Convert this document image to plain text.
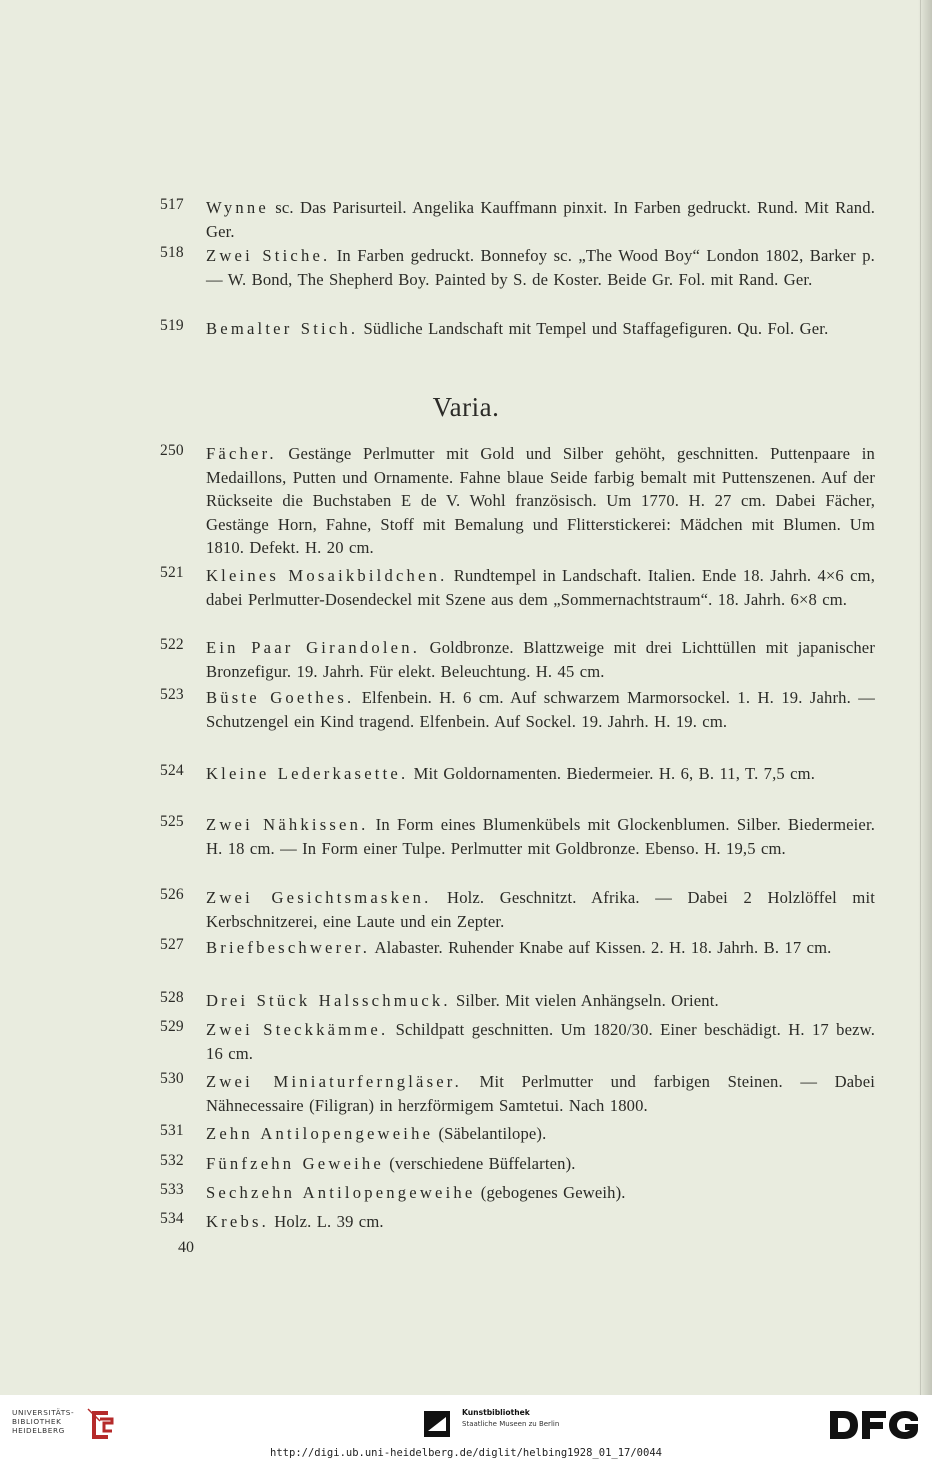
517	Wynne sc. Das Parisurteil. Angelika Kauffmann pinxit. In Farben gedruckt. Rund. Mit Rand. Ger.
518	Zwei Stiche. In Farben gedruckt. Bonnefoy sc. „The Wood Boy“ London 1802, Barker p. — W. Bond, The Shepherd Boy. Painted by S. de Koster. Beide Gr. Fol. mit Rand. Ger.
519	Bemalter Stich. Südliche Landschaft mit Tempel und Staffagefiguren. Qu. Fol. Ger.
Varia.
250	Fächer. Gestänge Perlmutter mit Gold und Silber gehöht, geschnitten. Puttenpaare in Medaillons, Putten und Ornamente. Fahne blaue Seide farbig bemalt mit Puttenszenen. Auf der Rückseite die Buchstaben E de V. Wohl französisch. Um 1770. H. 27 cm. Dabei Fächer, Gestänge Horn, Fahne, Stoff mit Bemalung und Flitterstickerei: Mädchen mit Blumen. Um 1810. Defekt. H. 20 cm.
521	Kleines Mosaikbildchen. Rundtempel in Landschaft. Italien. Ende 18. Jahrh. 4×6 cm, dabei Perlmutter-Dosendeckel mit Szene aus dem „Sommernachtstraum“. 18. Jahrh. 6×8 cm.
522	Ein Paar Girandolen. Goldbronze. Blattzweige mit drei Lichttüllen mit japanischer Bronzefigur. 19. Jahrh. Für elekt. Beleuchtung. H. 45 cm.
523	Büste Goethes. Elfenbein. H. 6 cm. Auf schwarzem Marmorsockel. 1. H. 19. Jahrh. — Schutzengel ein Kind tragend. Elfenbein. Auf Sockel. 19. Jahrh. H. 19. cm.
524	Kleine Lederkasette. Mit Goldornamenten. Biedermeier. H. 6, B. 11, T. 7,5 cm.
525	Zwei Nähkissen. In Form eines Blumenkübels mit Glockenblumen. Silber. Biedermeier. H. 18 cm. — In Form einer Tulpe. Perlmutter mit Goldbronze. Ebenso. H. 19,5 cm.
526	Zwei Gesichtsmasken. Holz. Geschnitzt. Afrika. — Dabei 2 Holzlöffel mit Kerbschnitzerei, eine Laute und ein Zepter.
527	Briefbeschwerer. Alabaster. Ruhender Knabe auf Kissen. 2. H. 18. Jahrh. B. 17 cm.
528	Drei Stück Halsschmuck. Silber. Mit vielen Anhängseln. Orient.
529	Zwei Steckkämme. Schildpatt geschnitten. Um 1820/30. Einer beschädigt. H. 17 bezw. 16 cm.
530	Zwei Miniaturferngläser. Mit Perlmutter und farbigen Steinen. — Dabei Nähnecessaire (Filigran) in herzförmigem Samtetui. Nach 1800.
531	Zehn Antilopengeweihe (Säbelantilope).
532	Fünfzehn Geweihe (verschiedene Büffelarten).
533	Sechzehn Antilopengeweihe (gebogenes Geweih).
534	Krebs. Holz. L. 39 cm.
40
UNIVERSITÄTS-
BIBLIOTHEK
HEIDELBERG
Kunstbibliothek
Staatliche Museen zu Berlin
http://digi.ub.uni-heidelberg.de/diglit/helbing1928_01_17/0044
